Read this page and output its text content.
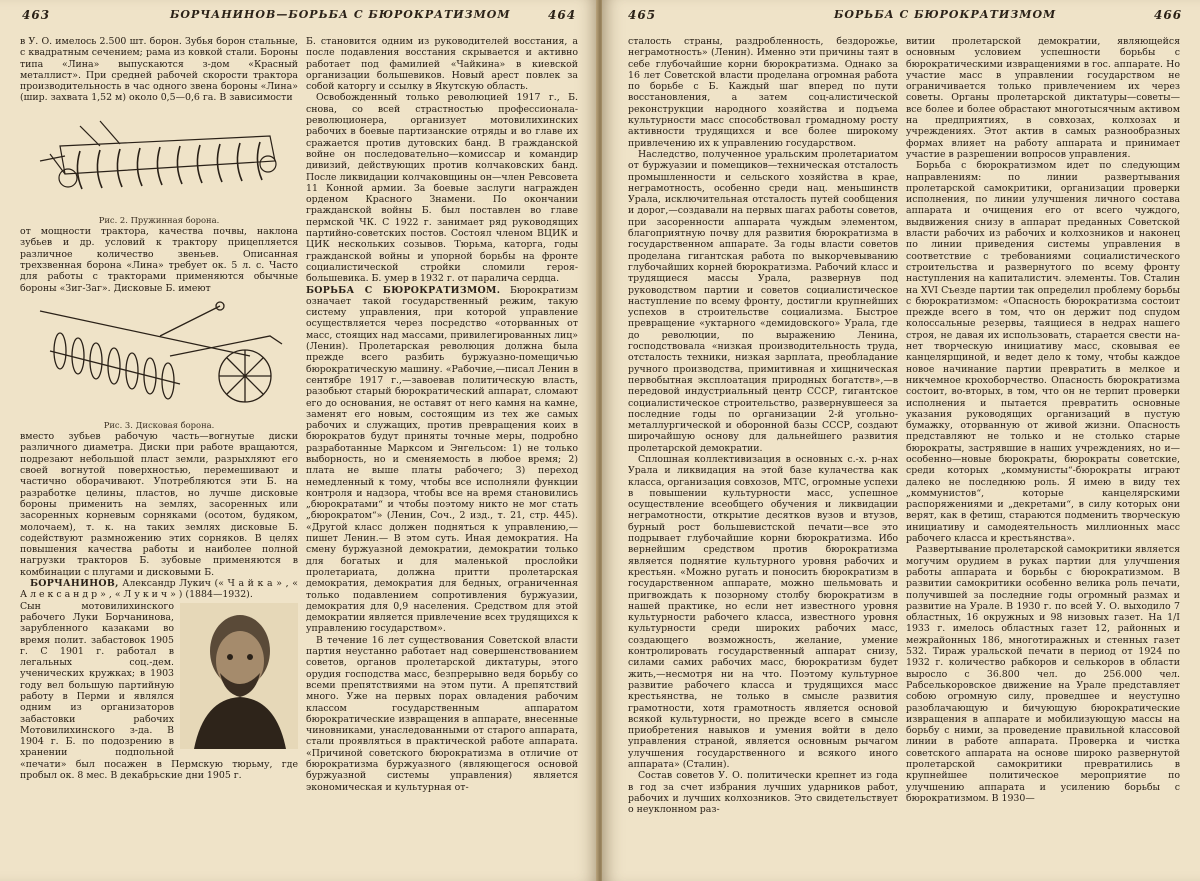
463	БОРЧАНИНОВ—БОРЬБА С БЮРОКРАТИЗМОМ	464

в У. О. имелось 2.500 шт. борон. Зубья борон стальные, с квадратным сечением; рама из ковкой стали. Бороны типа «Лина» выпускаются з-дом «Красный металлист». При средней рабочей скорости трактора производительность в час одного звена бороны «Лина» (шир. захвата 1,52 м) около 0,5—0,6 га. В зависимости

Рис. 2. Пружинная борона.

от мощности трактора, качества почвы, наклона зубьев и др. условий к трактору прицепляется различное количество звеньев. Описанная трехзвенная борона «Лина» требует ок. 5 л. с. Часто для работы с тракторами применяются обычные бороны «Зиг-Заг». Дисковые Б. имеют

Рис. 3. Дисковая борона.

вместо зубьев рабочую часть—вогнутые диски различного диаметра. Диски при работе вращаются, подрезают небольшой пласт земли, разрыхляют его своей вогнутой поверхностью, перемешивают и частично оборачивают. Употребляются эти Б. на разработке целины, пластов, но лучше дисковые бороны применить на землях, засоренных или засоренных корневым сорняками (осотом, будяком, молочаем), т. к. на таких землях дисковые Б. содействуют размножению этих сорняков. В целях повышения качества работы и наиболее полной нагрузки тракторов Б. зубовые применяются в комбинации с плугами и дисковыми Б.

БОРЧАНИНОВ, Александр Лукич (« Ч а й к а » , « А л е к с а н д р » , « Л у к и ч » ) (1884—1932).

Сын мотовилихинского рабочего Луки Борчанинова, зарубленного казаками во время полит. забастовок 1905 г. С 1901 г. работал в легальных соц.-дем. ученических кружках; в 1903 году вел большую партийную работу в Перми и являлся одним из организаторов забастовки рабочих Мотовилихинского з-да. В 1904 г. Б. по подозрению в хранении подпольной «печати» был посажен в Пермскую тюрьму, где пробыл ок. 8 мес. В декабрьские дни 1905 г.

Б. становится одним из руководителей восстания, а после подавления восстания скрывается и активно работает под фамилией «Чайкина» в киевской организации большевиков. Новый арест повлек за собой каторгу и ссылку в Якутскую область.

Освобожденный только революцией 1917 г., Б. снова, со всей страстностью профессионала-революционера, организует мотовилихинских рабочих в боевые партизанские отряды и во главе их сражается против дутовских банд. В гражданской войне он последовательно—комиссар и командир дивизий, действующих против колчаковских банд. После ликвидации колчаковщины он—член Ревсовета 11 Конной армии. За боевые заслуги награжден орденом Красного Знамени. По окончании гражданской войны Б. был поставлен во главе пермской ЧК. С 1922 г. занимает ряд руководящих партийно-советских постов. Состоял членом ВЦИК и ЦИК нескольких созывов. Тюрьма, каторга, годы гражданской войны и упорной борьбы на фронте социалистической стройки сломили героя-большевика. Б. умер в 1932 г. от паралича сердца.

БОРЬБА С БЮРОКРАТИЗМОМ. Бюрократизм означает такой государственный режим, такую систему управления, при которой управление осуществляется через посредство «оторванных от масс, стоящих над массами, привилегированных лиц» (Ленин). Пролетарская революция должна была прежде всего разбить буржуазно-помещичью бюрократическую машину. «Рабочие,—писал Ленин в сентябре 1917 г.,—завоевав политическую власть, разобьют старый бюрократический аппарат, сломают его до основания, не оставят от него камня на камне, заменят его новым, состоящим из тех же самых рабочих и служащих, против превращения коих в бюрократов будут приняты точные меры, подробно разработанные Марксом и Энгельсом: 1) не только выборность, но и сменяемость в любое время; 2) плата не выше платы рабочего; 3) переход немедленный к тому, чтобы все исполняли функции контроля и надзора, чтобы все на время становились „бюрократами“ и чтобы поэтому никто не мог стать „бюрократом“» (Ленин, Соч., 2 изд., т. 21, стр. 445). «Другой класс должен подняться к управлению,—пишет Ленин.— В этом суть. Иная демократия. На смену буржуазной демократии, демократии только для богатых и для маленькой прослойки пролетариата, должна притти пролетарская демократия, демократия для бедных, ограниченная только подавлением сопротивления буржуазии, демократия для 0,9 населения. Средством для этой демократии является привлечение всех трудящихся к управлению государством».

В течение 16 лет существования Советской власти партия неустанно работает над совершенствованием советов, органов пролетарской диктатуры, этого орудия господства масс, безпрерывно ведя борьбу со всеми препятствиями на этом пути. А препятствий много. Уже на первых порах овладения рабочим классом государственным аппаратом бюрократические извращения в аппарате, внесенные чиновниками, унаследованными от старого аппарата, стали проявляться в практической работе аппарата. «Причиной советского бюрократизма в отличие от бюрократизма буржуазного (являющегося основой буржуазной системы управления) является экономическая и культурная от-

465	БОРЬБА С БЮРОКРАТИЗМОМ	466

сталость страны, раздробленность, бездорожье, неграмотность» (Ленин). Именно эти причины таят в себе глубочайшие корни бюрократизма. Однако за 16 лет Советской власти проделана огромная работа по борьбе с Б. Каждый шаг вперед по пути восстановления, а затем соц-алистической реконструкции народного хозяйства и подъема культурности масс способствовал громадному росту активности трудящихся и все более широкому привлечению их к управлению государством.

Наследство, полученное уральским пролетариатом от буржуазии и помещиков—техническая отсталость промышленности и сельского хозяйства в крае, неграмотность, особенно среди нац. меньшинств Урала, исключительная отсталость путей сообщения и дорог,—создавали на первых шагах работы советов, при засоренности аппарата чуждым элементом, благоприятную почву для развития бюрократизма в государственном аппарате. За годы власти советов проделана гигантская работа по выкорчевыванию глубочайших корней бюрократизма. Рабочий класс и трудящиеся массы Урала, развернув под руководством партии и советов социалистическое наступление по всему фронту, достигли крупнейших успехов в строительстве социализма. Быстрое превращение «уктарного «демидовского» Урала, где до революции, по выражению Ленина, господствовала «низкая производительность труда, отсталость техники, низкая зарплата, преобладание ручного производства, примитивная и хищническая первобытная эксплоатация природных богатств»,—в передовой индустриальный центр СССР, гигантское социалистическое строительство, развернувшееся за последние годы по организации 2-й угольно-металлургической и оборонной базы СССР, создают широчайшую основу для дальнейшего развития пролетарской демократии.

Сплошная коллективизация в основных с.-х. р-нах Урала и ликвидация на этой базе кулачества как класса, организация совхозов, МТС, огромные успехи в повышении культурности масс, успешное осуществление всеобщего обучения и ликвидации неграмотности, открытие десятков вузов и втузов, бурный рост большевистской печати—все это подрывает глубочайшие корни бюрократизма. Ибо вернейшим средством против бюрократизма является поднятие культурного уровня рабочих и крестьян. «Можно ругать и поносить бюрократизм в государственном аппарате, можно шельмовать и пригвождать к позорному столбу бюрократизм в нашей практике, но если нет известного уровня культурности рабочего класса, известного уровня культурности среди широких рабочих масс, создающего возможность, желание, умение контролировать государственный аппарат снизу, силами самих рабочих масс, бюрократизм будет жить,—несмотря ни на что. Поэтому культурное развитие рабочего класса и трудящихся масс крестьянства, не только в смысле развития грамотности, хотя грамотность является основой всякой культурности, но прежде всего в смысле приобретения навыков и умения войти в дело управления страной, является основным рычагом улучшения государственного и всякого иного аппарата» (Сталин).

Состав советов У. О. политически крепнет из года в год за счет избрания лучших ударников работ, рабочих и лучших колхозников. Это свидетельствует о неуклонном раз-

витии пролетарской демократии, являющейся основным условием успешности борьбы с бюрократическими извращениями в гос. аппарате. Но участие масс в управлении государством не ограничивается только привлечением их через советы. Органы пролетарской диктатуры—советы—все более и более обрастают многотысячным активом на предприятиях, в совхозах, колхозах и учреждениях. Этот актив в самых разнообразных формах влияет на работу аппарата и принимает участие в разрешении вопросов управления.

Борьба с бюрократизмом идет по следующим направлениям: по линии развертывания пролетарской самокритики, организации проверки исполнения, по линии улучшения личного состава аппарата и очищения его от всего чуждого, выдвижения снизу в аппарат преданных Советской власти рабочих из рабочих и колхозников и наконец по линии приведения системы управления в соответствие с требованиями социалистического строительства и развернутого по всему фронту наступления на капиталистич. элементы. Тов. Сталин на XVI Съезде партии так определил проблему борьбы с бюрократизмом: «Опасность бюрократизма состоит прежде всего в том, что он держит под спудом колоссальные резервы, таящиеся в недрах нашего строя, не давая их использовать, старается свести на-нет творческую инициативу масс, сковывая ее канцелярщиной, и ведет дело к тому, чтобы каждое новое начинание партии превратить в мелкое и никчемное крохоборчество. Опасность бюрократизма состоит, во-вторых, в том, что он не терпит проверки исполнения и пытается превратить основные указания руководящих организаций в пустую бумажку, оторванную от живой жизни. Опасность представляют не только и не столько старые бюрократы, застрявшие в наших учреждениях, но и—особенно—новые бюрократы, бюрократы советские, среди которых „коммунисты“-бюрократы играют далеко не последнюю роль. Я имею в виду тех „коммунистов“, которые канцелярскими распоряжениями и „декретами“, в силу которых они верят, как в фетиш, стараются подменить творческую инициативу и самодеятельность миллионных масс рабочего класса и крестьянства».

Развертывание пролетарской самокритики является могучим орудием в руках партии для улучшения работы аппарата и борьбы с бюрократизмом. В развитии самокритики особенно велика роль печати, получившей за последние годы огромный размах и развитие на Урале. В 1930 г. по всей У. О. выходило 7 областных, 16 окружных и 98 низовых газет. На 1/I 1933 г. имелось областных газет 12, районных и межрайонных 186, многотиражных и стенных газет 532. Тираж уральской печати в период от 1924 по 1932 г. количество рабкоров и селькоров в области выросло с 36.800 чел. до 256.000 чел. Рабселькоровское движение на Урале представляет собою огромную силу, проведшее и неуступно разоблачающую и бичующую бюрократические извращения в аппарате и мобилизующую массы на борьбу с ними, за проведение правильной классовой линии в работе аппарата. Проверка и чистка советского аппарата на основе широко развернутой пролетарской самокритики превратились в крупнейшее политическое мероприятие по улучшению аппарата и усилению борьбы с бюрократизмом. В 1930—
